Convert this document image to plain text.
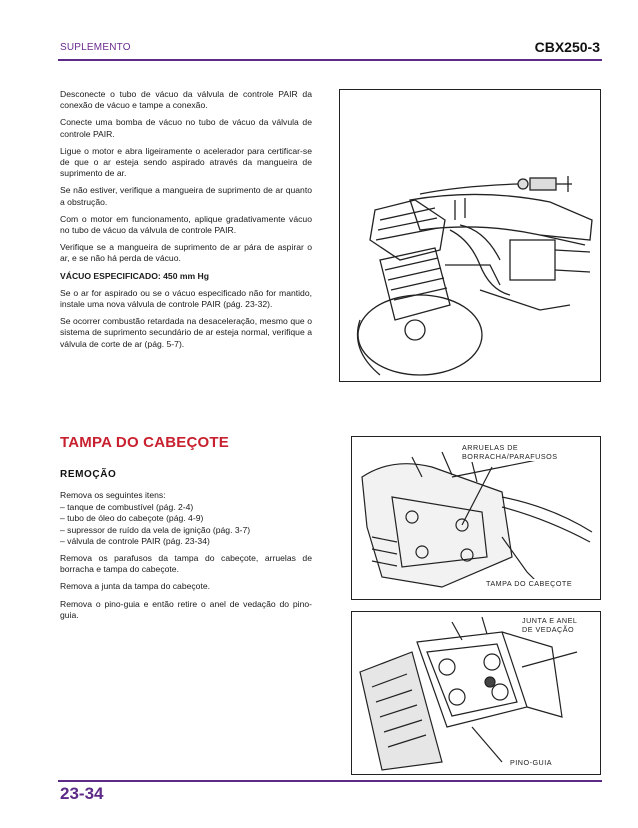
SUPLEMENTO	CBX250-3

Desconecte o tubo de vácuo da válvula de controle PAIR da conexão de vácuo e tampe a conexão.

Conecte uma bomba de vácuo no tubo de vácuo da válvula de controle PAIR.

Ligue o motor e abra ligeiramente o acelerador para certificar-se de que o ar esteja sendo aspirado através da mangueira de suprimento de ar.

Se não estiver, verifique a mangueira de suprimento de ar quanto a obstrução.

Com o motor em funcionamento, aplique gradativamente vácuo no tubo de vácuo da válvula de controle PAIR.

Verifique se a mangueira de suprimento de ar pára de aspirar o ar, e se não há perda de vácuo.

VÁCUO ESPECIFICADO: 450 mm Hg

Se o ar for aspirado ou se o vácuo especificado não for mantido, instale uma nova válvula de controle PAIR (pág. 23-32).

Se ocorrer combustão retardada na desaceleração, mesmo que o sistema de suprimento secundário de ar esteja normal, verifique a válvula de corte de ar (pág. 5-7).

TAMPA DO CABEÇOTE
REMOÇÃO

Remova os seguintes itens:

– tanque de combustível (pág. 2-4)
– tubo de óleo do cabeçote (pág. 4-9)
– supressor de ruído da vela de ignição (pág. 3-7)
– válvula de controle PAIR (pág. 23-34)

Remova os parafusos da tampa do cabeçote, arruelas de borracha e tampa do cabeçote.

Remova a junta da tampa do cabeçote.

Remova o pino-guia e então retire o anel de vedação do pino-guia.

ARRUELAS DE
BORRACHA/PARAFUSOS
TAMPA DO CABEÇOTE
JUNTA E ANEL
DE VEDAÇÃO
PINO-GUIA
23-34
